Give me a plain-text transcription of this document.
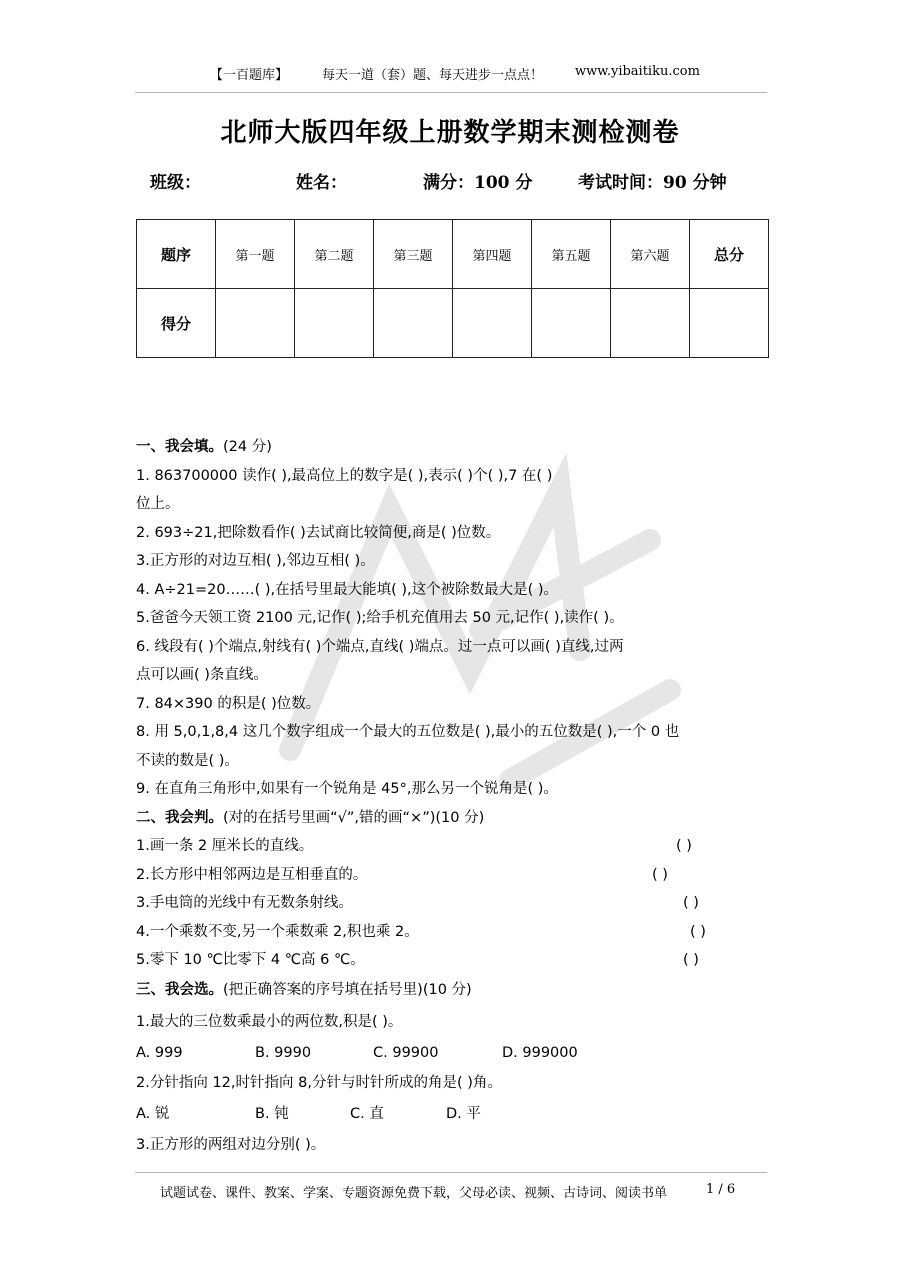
【一百题库】	每天一道（套）题、每天进步一点点！ www.yibaitiku.com
北师大版四年级上册数学期末测检测卷
班级：	姓名：	满分：100 分	考试时间：90 分钟
题序	第一题	第二题	第三题	第四题	第五题	第六题	总分
得分							
一、我会填。(24 分)
1. 863700000 读作( ),最高位上的数字是( ),表示( )个( ),7 在( )
位上。
2. 693÷21,把除数看作( )去试商比较简便,商是( )位数。
3.正方形的对边互相( ),邻边互相( )。
4. A÷21=20……( ),在括号里最大能填( ),这个被除数最大是( )。
5.爸爸今天领工资 2100 元,记作( );给手机充值用去 50 元,记作( ),读作( )。
6. 线段有( )个端点,射线有( )个端点,直线( )端点。过一点可以画( )直线,过两
点可以画( )条直线。
7. 84×390 的积是( )位数。
8. 用 5,0,1,8,4 这几个数字组成一个最大的五位数是( ),最小的五位数是( ),一个 0 也
不读的数是( )。
9. 在直角三角形中,如果有一个锐角是 45°,那么另一个锐角是( )。
二、我会判。(对的在括号里画“√”,错的画“×”)(10 分)
1.画一条 2 厘米长的直线。	( )
2.长方形中相邻两边是互相垂直的。	( )
3.手电筒的光线中有无数条射线。	( )
4.一个乘数不变,另一个乘数乘 2,积也乘 2。	( )
5.零下 10 ℃比零下 4 ℃高 6 ℃。	( )
三、我会选。(把正确答案的序号填在括号里)(10 分)
1.最大的三位数乘最小的两位数,积是( )。
A. 999	B. 9990	C. 99900	D. 999000
2.分针指向 12,时针指向 8,分针与时针所成的角是( )角。
A. 锐	B. 钝	C. 直	D. 平
3.正方形的两组对边分别( )。
试题试卷、课件、教案、学案、专题资源免费下载，父母必读、视频、古诗词、阅读书单	1 / 6
